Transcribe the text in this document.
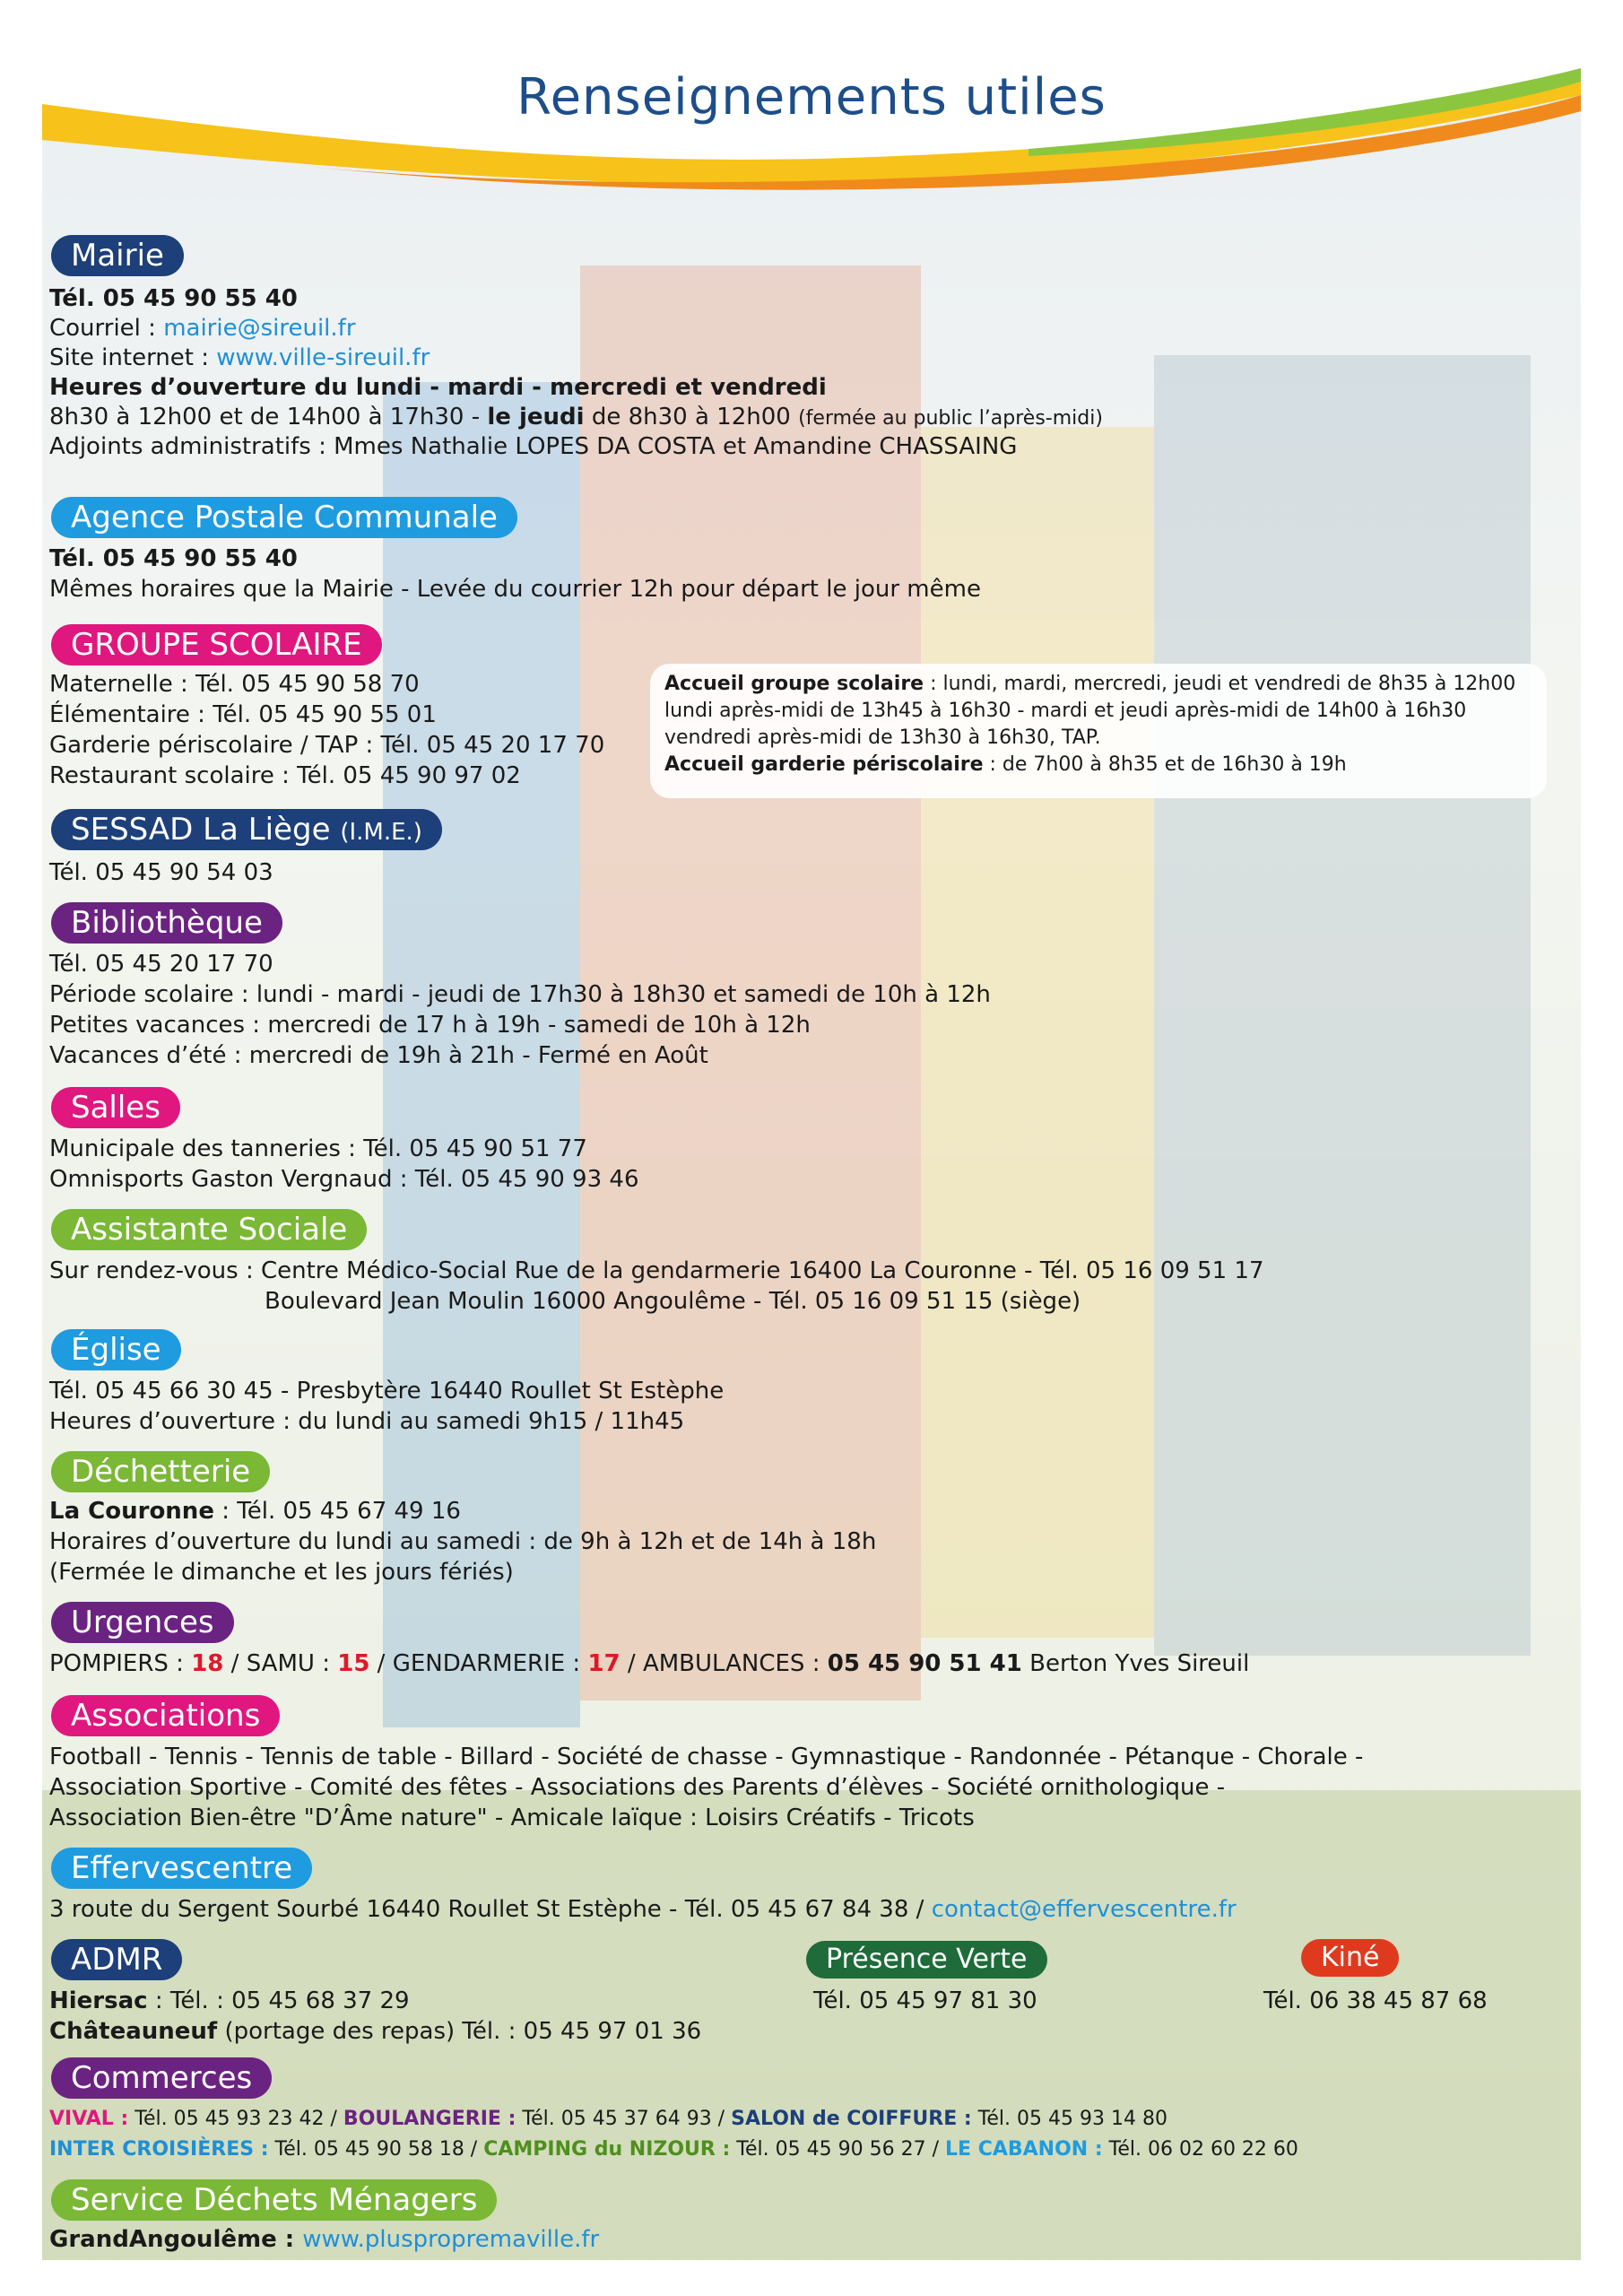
Renseignements utiles
Mairie
Tél. 05 45 90 55 40
Courriel : mairie@sireuil.fr
Site internet : www.ville-sireuil.fr
Heures d’ouverture du lundi - mardi - mercredi et vendredi
8h30 à 12h00 et de 14h00 à 17h30 - le jeudi de 8h30 à 12h00 (fermée au public l’après-midi)
Adjoints administratifs : Mmes Nathalie LOPES DA COSTA et Amandine CHASSAING
Agence Postale Communale
Tél. 05 45 90 55 40
Mêmes horaires que la Mairie - Levée du courrier 12h pour départ le jour même
GROUPE SCOLAIRE
Maternelle : Tél. 05 45 90 58 70
Élémentaire : Tél. 05 45 90 55 01
Garderie périscolaire / TAP : Tél. 05 45 20 17 70
Restaurant scolaire : Tél. 05 45 90 97 02
Accueil groupe scolaire : lundi, mardi, mercredi, jeudi et vendredi de 8h35 à 12h00
lundi après-midi de 13h45 à 16h30 - mardi et jeudi après-midi de 14h00 à 16h30
vendredi après-midi de 13h30 à 16h30, TAP.
Accueil garderie périscolaire : de 7h00 à 8h35 et de 16h30 à 19h
SESSAD La Liège (I.M.E.)
Tél. 05 45 90 54 03
Bibliothèque
Tél. 05 45 20 17 70
Période scolaire : lundi - mardi - jeudi de 17h30 à 18h30 et samedi de 10h à 12h
Petites vacances : mercredi de 17 h à 19h - samedi de 10h à 12h
Vacances d’été : mercredi de 19h à 21h - Fermé en Août
Salles
Municipale des tanneries : Tél. 05 45 90 51 77
Omnisports Gaston Vergnaud : Tél. 05 45 90 93 46
Assistante Sociale
Sur rendez-vous : Centre Médico-Social Rue de la gendarmerie 16400 La Couronne - Tél. 05 16 09 51 17
Boulevard Jean Moulin 16000 Angoulême - Tél. 05 16 09 51 15 (siège)
Église
Tél. 05 45 66 30 45 - Presbytère 16440 Roullet St Estèphe
Heures d’ouverture : du lundi au samedi 9h15 / 11h45
Déchetterie
La Couronne : Tél. 05 45 67 49 16
Horaires d’ouverture du lundi au samedi : de 9h à 12h et de 14h à 18h
(Fermée le dimanche et les jours fériés)
Urgences
POMPIERS : 18 / SAMU : 15 / GENDARMERIE : 17 / AMBULANCES : 05 45 90 51 41 Berton Yves Sireuil
Associations
Football - Tennis - Tennis de table - Billard - Société de chasse - Gymnastique - Randonnée - Pétanque - Chorale -
Association Sportive - Comité des fêtes - Associations des Parents d’élèves - Société ornithologique -
Association Bien-être "D’Âme nature" - Amicale laïque : Loisirs Créatifs - Tricots
Effervescentre
3 route du Sergent Sourbé 16440 Roullet St Estèphe - Tél. 05 45 67 84 38 / contact@effervescentre.fr
ADMR
Hiersac : Tél. : 05 45 68 37 29
Châteauneuf (portage des repas) Tél. : 05 45 97 01 36
Présence Verte
Tél. 05 45 97 81 30
Kiné
Tél. 06 38 45 87 68
Commerces
VIVAL : Tél. 05 45 93 23 42 / BOULANGERIE : Tél. 05 45 37 64 93 / SALON de COIFFURE : Tél. 05 45 93 14 80
INTER CROISIÈRES : Tél. 05 45 90 58 18 / CAMPING du NIZOUR : Tél. 05 45 90 56 27 / LE CABANON : Tél. 06 02 60 22 60
Service Déchets Ménagers
GrandAngoulême : www.pluspropremaville.fr
